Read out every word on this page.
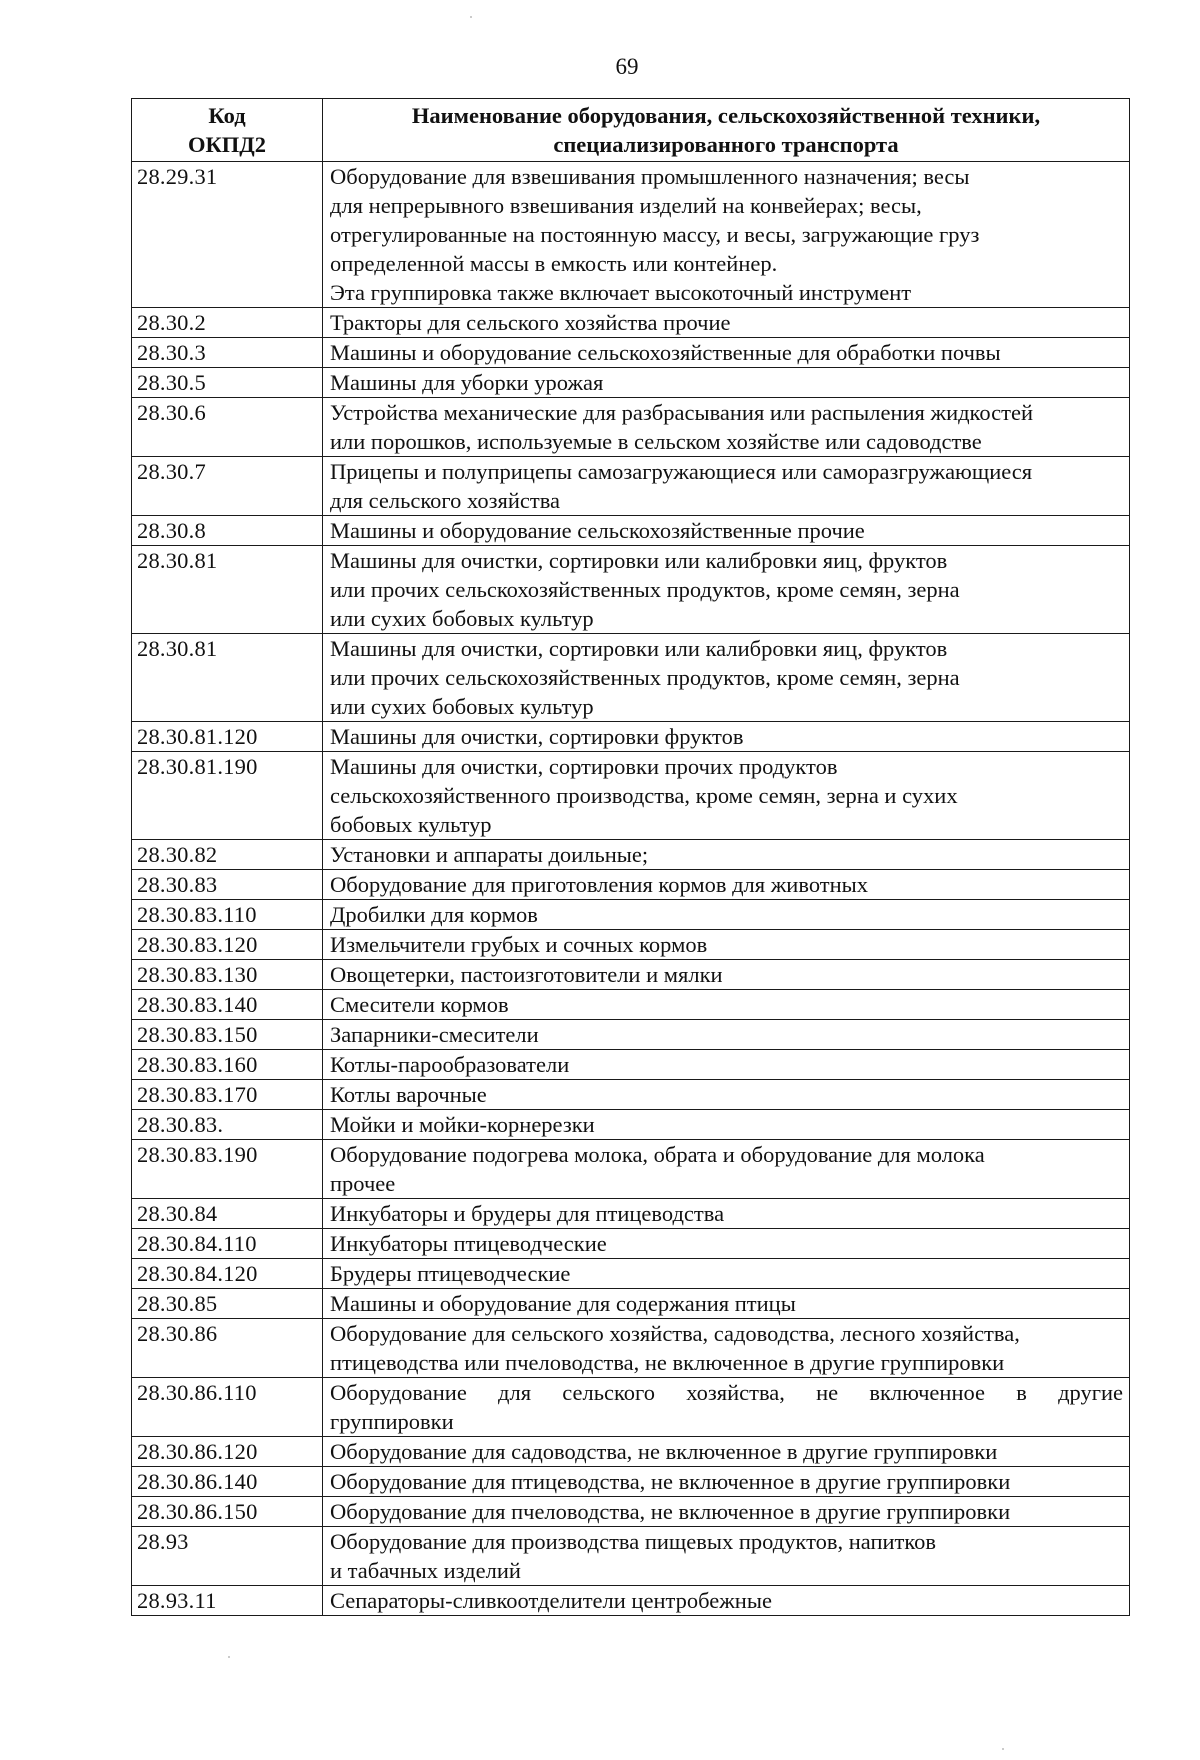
69
Код
ОКПД2	Наименование оборудования, сельскохозяйственной техники,
специализированного транспорта

28.29.31	Оборудование для взвешивания промышленного назначения; весы
для непрерывного взвешивания изделий на конвейерах; весы,
отрегулированные на постоянную массу, и весы, загружающие груз
определенной массы в емкость или контейнер.
Эта группировка также включает высокоточный инструмент

28.30.2	Тракторы для сельского хозяйства прочие

28.30.3	Машины и оборудование сельскохозяйственные для обработки почвы

28.30.5	Машины для уборки урожая

28.30.6	Устройства механические для разбрасывания или распыления жидкостей
или порошков, используемые в сельском хозяйстве или садоводстве

28.30.7	Прицепы и полуприцепы самозагружающиеся или саморазгружающиеся
для сельского хозяйства

28.30.8	Машины и оборудование сельскохозяйственные прочие

28.30.81	Машины для очистки, сортировки или калибровки яиц, фруктов
или прочих сельскохозяйственных продуктов, кроме семян, зерна
или сухих бобовых культур

28.30.81	Машины для очистки, сортировки или калибровки яиц, фруктов
или прочих сельскохозяйственных продуктов, кроме семян, зерна
или сухих бобовых культур

28.30.81.120	Машины для очистки, сортировки фруктов

28.30.81.190	Машины для очистки, сортировки прочих продуктов
сельскохозяйственного производства, кроме семян, зерна и сухих
бобовых культур

28.30.82	Установки и аппараты доильные;

28.30.83	Оборудование для приготовления кормов для животных

28.30.83.110	Дробилки для кормов

28.30.83.120	Измельчители грубых и сочных кормов

28.30.83.130	Овощетерки, пастоизготовители и мялки

28.30.83.140	Смесители кормов

28.30.83.150	Запарники-смесители

28.30.83.160	Котлы-парообразователи

28.30.83.170	Котлы варочные

28.30.83.	Мойки и мойки-корнерезки

28.30.83.190	Оборудование подогрева молока, обрата и оборудование для молока
прочее

28.30.84	Инкубаторы и брудеры для птицеводства

28.30.84.110	Инкубаторы птицеводческие

28.30.84.120	Брудеры птицеводческие

28.30.85	Машины и оборудование для содержания птицы

28.30.86	Оборудование для сельского хозяйства, садоводства, лесного хозяйства,
птицеводства или пчеловодства, не включенное в другие группировки

28.30.86.110	Оборудование для сельского хозяйства, не включенное в другие
группировки

28.30.86.120	Оборудование для садоводства, не включенное в другие группировки

28.30.86.140	Оборудование для птицеводства, не включенное в другие группировки

28.30.86.150	Оборудование для пчеловодства, не включенное в другие группировки

28.93	Оборудование для производства пищевых продуктов, напитков
и табачных изделий

28.93.11	Сепараторы-сливкоотделители центробежные
